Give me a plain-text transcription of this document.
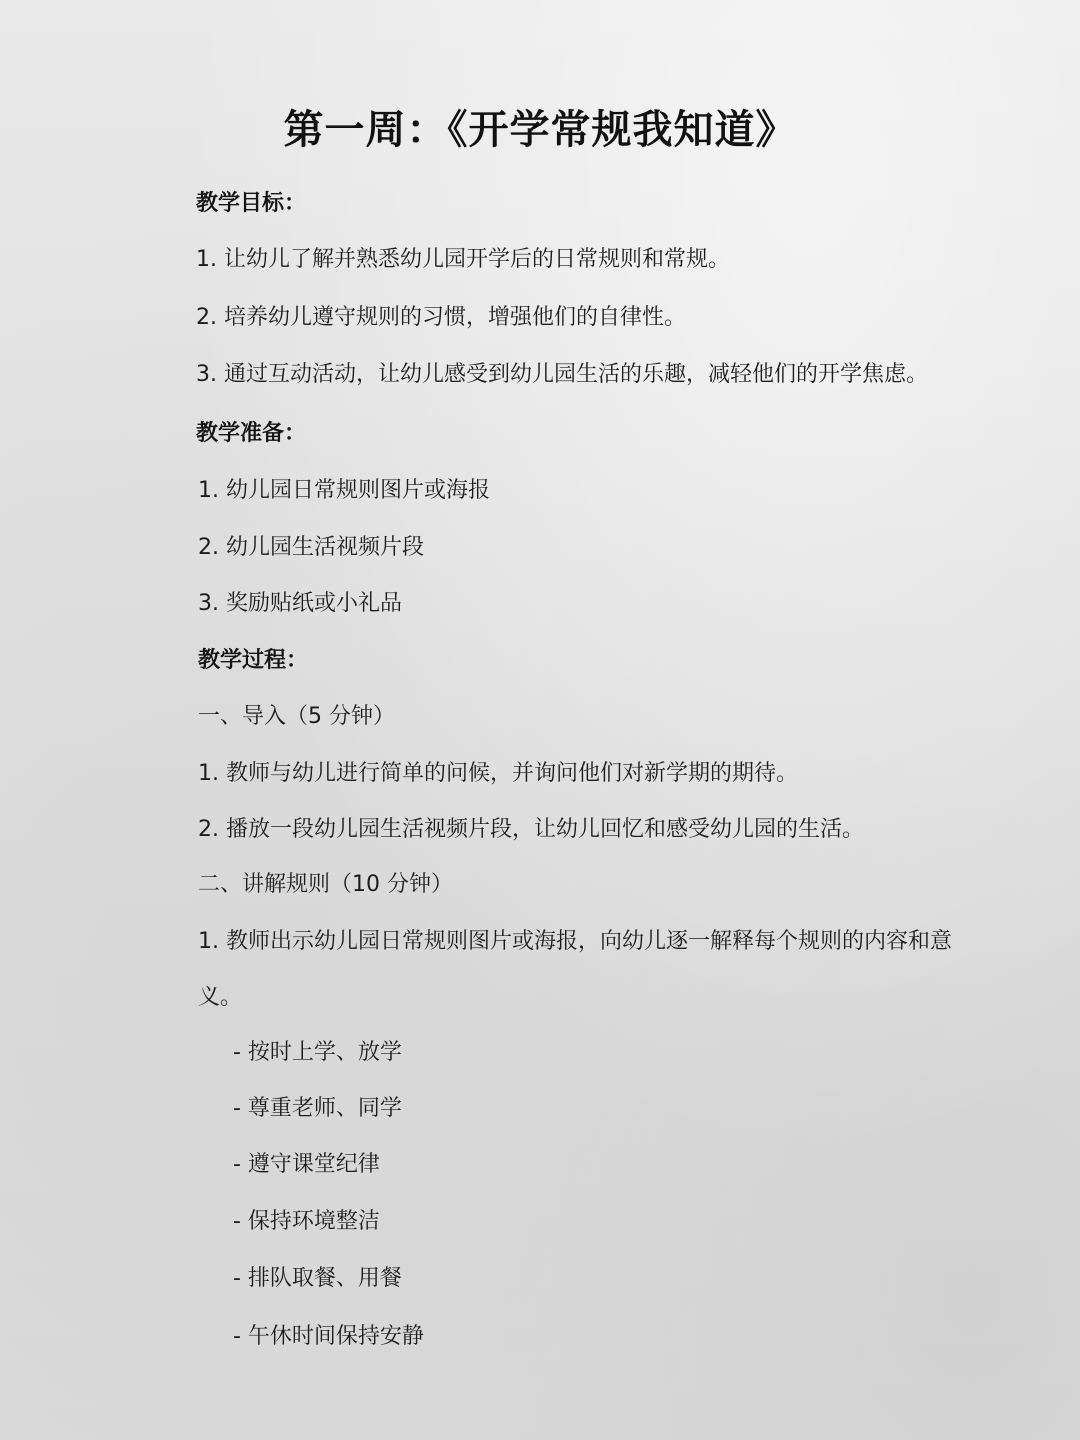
第一周：《开学常规我知道》
教学目标：
1. 让幼儿了解并熟悉幼儿园开学后的日常规则和常规。
2. 培养幼儿遵守规则的习惯，增强他们的自律性。
3. 通过互动活动，让幼儿感受到幼儿园生活的乐趣，减轻他们的开学焦虑。
教学准备：
1. 幼儿园日常规则图片或海报
2. 幼儿园生活视频片段
3. 奖励贴纸或小礼品
教学过程：
一、导入（5 分钟）
1. 教师与幼儿进行简单的问候，并询问他们对新学期的期待。
2. 播放一段幼儿园生活视频片段，让幼儿回忆和感受幼儿园的生活。
二、讲解规则（10 分钟）
1. 教师出示幼儿园日常规则图片或海报，向幼儿逐一解释每个规则的内容和意
义。
- 按时上学、放学
- 尊重老师、同学
- 遵守课堂纪律
- 保持环境整洁
- 排队取餐、用餐
- 午休时间保持安静
